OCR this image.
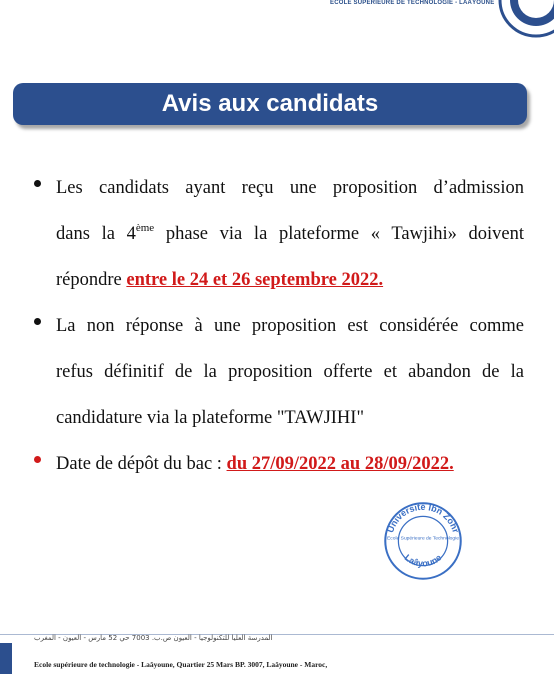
ECOLE SUPERIEURE DE TECHNOLOGIE - LAÂYOUNE
Avis aux candidats
Les candidats ayant reçu une proposition d’admission
dans la 4ème phase via la plateforme « Tawjihi» doivent
répondre entre le 24 et 26 septembre 2022.
La non réponse à une proposition est considérée comme
refus définitif de la proposition offerte et abandon de la
candidature via la plateforme "TAWJIHI"
Date de dépôt du bac : du 27/09/2022 au 28/09/2022.
Université Ibn Zohr
Ecole Supérieure de Technologie
Laâyoune
المدرسة العليا للتكنولوجيا - العيون ص.ب. 3007 حي 25 مارس - العيون - المغرب
Ecole supérieure de technologie - Laâyoune, Quartier 25 Mars BP. 3007, Laâyoune - Maroc,
